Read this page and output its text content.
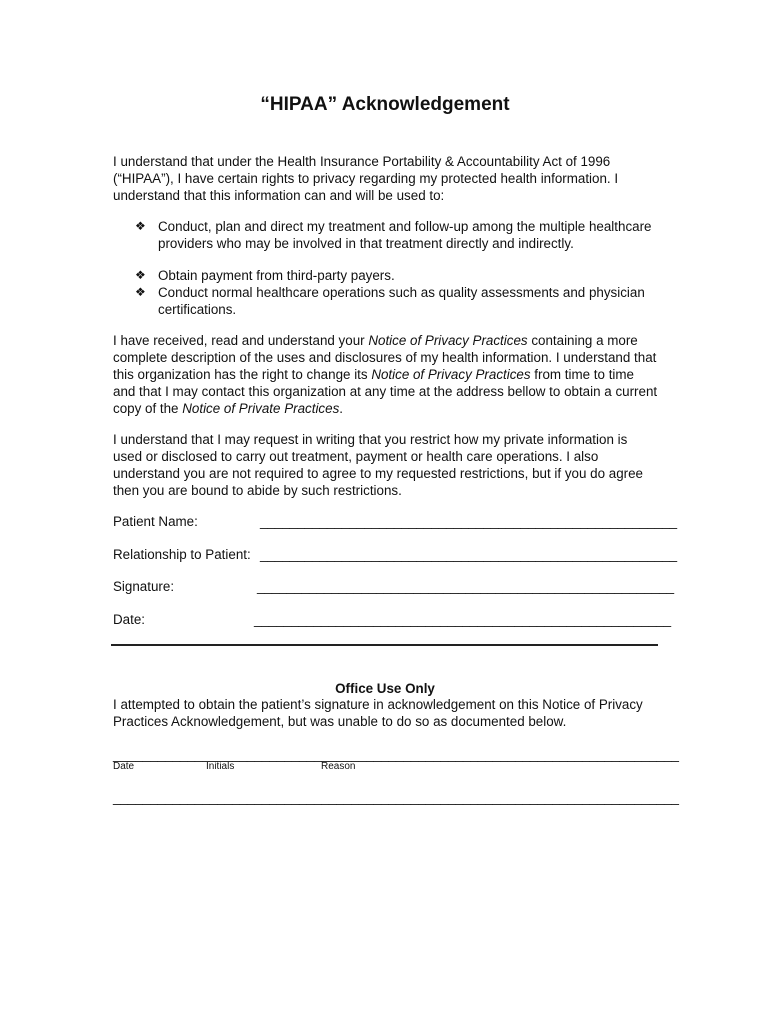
“HIPAA” Acknowledgement

I understand that under the Health Insurance Portability & Accountability Act of 1996 (“HIPAA”), I have certain rights to privacy regarding my protected health information. I understand that this information can and will be used to:

❖ Conduct, plan and direct my treatment and follow-up among the multiple healthcare providers who may be involved in that treatment directly and indirectly.
❖ Obtain payment from third-party payers.
❖ Conduct normal healthcare operations such as quality assessments and physician certifications.

I have received, read and understand your Notice of Privacy Practices containing a more complete description of the uses and disclosures of my health information. I understand that this organization has the right to change its Notice of Privacy Practices from time to time and that I may contact this organization at any time at the address bellow to obtain a current copy of the Notice of Private Practices.

I understand that I may request in writing that you restrict how my private information is used or disclosed to carry out treatment, payment or health care operations. I also understand you are not required to agree to my requested restrictions, but if you do agree then you are bound to abide by such restrictions.

Patient Name:	________________________________________________________
Relationship to Patient: ________________________________________________________
Signature:	________________________________________________________
Date:	________________________________________________________
Office Use Only

I attempted to obtain the patient’s signature in acknowledgement on this Notice of Privacy Practices Acknowledgement, but was unable to do so as documented below.

____________________________________________________________________________
Date	Initials	Reason
____________________________________________________________________________
